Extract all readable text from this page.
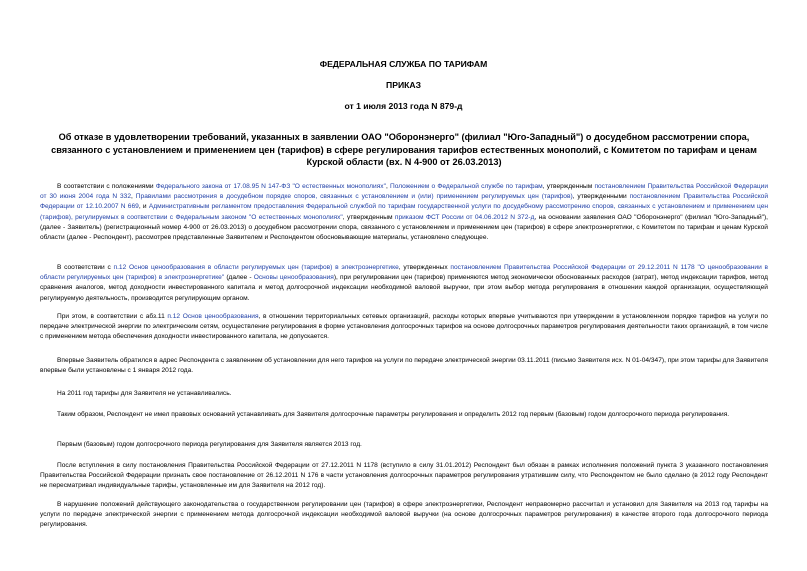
ФЕДЕРАЛЬНАЯ СЛУЖБА ПО ТАРИФАМ
ПРИКАЗ
от 1 июля 2013 года N 879-д
Об отказе в удовлетворении требований, указанных в заявлении ОАО "Оборонэнерго" (филиал "Юго-Западный") о досудебном рассмотрении спора, связанного с установлением и применением цен (тарифов) в сфере регулирования тарифов естественных монополий, с Комитетом по тарифам и ценам Курской области (вх. N 4-900 от 26.03.2013)

В соответствии с положениями Федерального закона от 17.08.95 N 147-ФЗ "О естественных монополиях", Положением о Федеральной службе по тарифам, утвержденным постановлением Правительства Российской Федерации от 30 июня 2004 года N 332, Правилами рассмотрения в досудебном порядке споров, связанных с установлением и (или) применением регулируемых цен (тарифов), утвержденными постановлением Правительства Российской Федерации от 12.10.2007 N 669, и Административным регламентом предоставления Федеральной службой по тарифам государственной услуги по досудебному рассмотрению споров, связанных с установлением и применением цен (тарифов), регулируемых в соответствии с Федеральным законом "О естественных монополиях", утвержденным приказом ФСТ России от 04.06.2012 N 372-д, на основании заявления ОАО "Оборонэнерго" (филиал "Юго-Западный"), (далее - Заявитель) (регистрационный номер 4-900 от 26.03.2013) о досудебном рассмотрении спора, связанного с установлением и применением цен (тарифов) в сфере электроэнергетики, с Комитетом по тарифам и ценам Курской области (далее - Респондент), рассмотрев представленные Заявителем и Респондентом обосновывающие материалы, установлено следующее.

В соответствии с п.12 Основ ценообразования в области регулируемых цен (тарифов) в электроэнергетике, утвержденных постановлением Правительства Российской Федерации от 29.12.2011 N 1178 "О ценообразовании в области регулируемых цен (тарифов) в электроэнергетике" (далее - Основы ценообразования), при регулировании цен (тарифов) применяются метод экономически обоснованных расходов (затрат), метод индексации тарифов, метод сравнения аналогов, метод доходности инвестированного капитала и метод долгосрочной индексации необходимой валовой выручки, при этом выбор метода регулирования в отношении каждой организации, осуществляющей регулируемую деятельность, производится регулирующим органом.

При этом, в соответствии с абз.11 п.12 Основ ценообразования, в отношении территориальных сетевых организаций, расходы которых впервые учитываются при утверждении в установленном порядке тарифов на услуги по передаче электрической энергии по электрическим сетям, осуществление регулирования в форме установления долгосрочных тарифов на основе долгосрочных параметров регулирования деятельности таких организаций, в том числе с применением метода обеспечения доходности инвестированного капитала, не допускается.

Впервые Заявитель обратился в адрес Респондента с заявлением об установлении для него тарифов на услуги по передаче электрической энергии 03.11.2011 (письмо Заявителя исх. N 01-04/347), при этом тарифы для Заявителя впервые были установлены с 1 января 2012 года.

На 2011 год тарифы для Заявителя не устанавливались.

Таким образом, Респондент не имел правовых оснований устанавливать для Заявителя долгосрочные параметры регулирования и определить 2012 год первым (базовым) годом долгосрочного периода регулирования.

Первым (базовым) годом долгосрочного периода регулирования для Заявителя является 2013 год.

После вступления в силу постановления Правительства Российской Федерации от 27.12.2011 N 1178 (вступило в силу 31.01.2012) Респондент был обязан в рамках исполнения положений пункта 3 указанного постановления Правительства Российской Федерации признать свое постановление от 26.12.2011 N 176 в части установления долгосрочных параметров регулирования утратившим силу, что Респондентом не было сделано (в 2012 году Респондент не пересматривал индивидуальные тарифы, установленные им для Заявителя на 2012 год).

В нарушение положений действующего законодательства о государственном регулировании цен (тарифов) в сфере электроэнергетики, Респондент неправомерно рассчитал и установил для Заявителя на 2013 год тарифы на услуги по передаче электрической энергии с применением метода долгосрочной индексации необходимой валовой выручки (на основе долгосрочных параметров регулирования) в качестве второго года долгосрочного периода регулирования.
